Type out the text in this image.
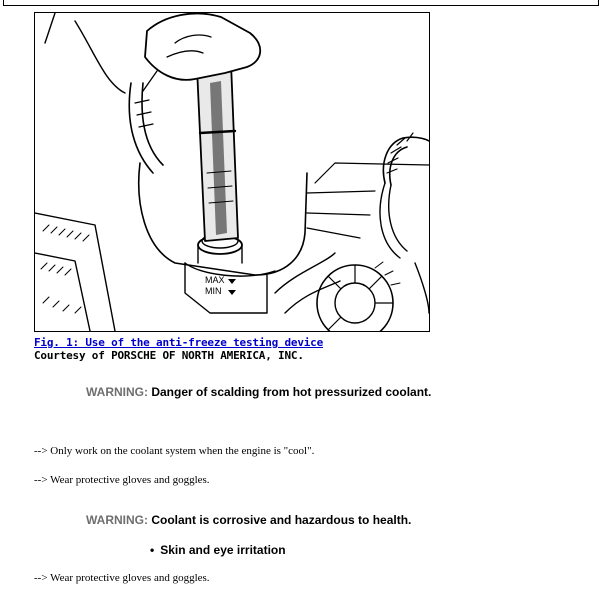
MAX
MIN
Fig. 1: Use of the anti-freeze testing device
Courtesy of PORSCHE OF NORTH AMERICA, INC.
WARNING: Danger of scalding from hot pressurized coolant.
--> Only work on the coolant system when the engine is "cool".
--> Wear protective gloves and goggles.
WARNING: Coolant is corrosive and hazardous to health.
• Skin and eye irritation
--> Wear protective gloves and goggles.
